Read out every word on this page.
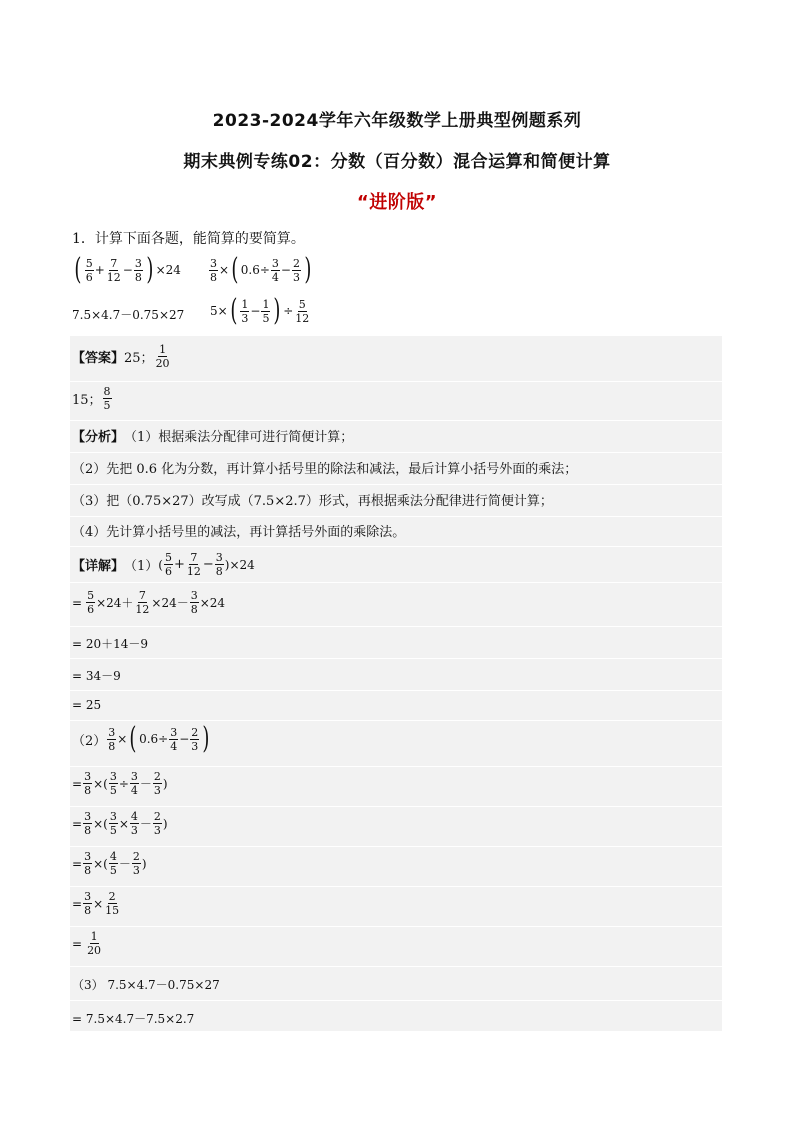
2023-2024学年六年级数学上册典型例题系列
期末典例专练02：分数（百分数）混合运算和简便计算
“进阶版”
1．计算下面各题，能简算的要简算。
( $\frac{5}{6} + \frac{7}{12} - \frac{3}{8}$ ) ×24	$\frac{3}{8}$ × ( $0.6\div \frac{3}{4} - \frac{2}{3}$ )
7.5×4.7－0.75×27 5× ( $\frac{1}{3} - \frac{1}{5}$ ) ÷ $\frac{5}{12}$
【答案】 25； $\frac{1}{20}$
15； $\frac{8}{5}$
【分析】 （1）根据乘法分配律可进行简便计算；
（2）先把 0.6 化为分数，再计算小括号里的除法和减法，最后计算小括号外面的乘法；
（3）把（0.75×27）改写成（7.5×2.7）形式，再根据乘法分配律进行简便计算；
（4）先计算小括号里的减法，再计算括号外面的乘除法。
【详解】 （1） ( $\frac{5}{6} + \frac{7}{12} - \frac{3}{8} )\times 24$
= $\frac{5}{6} \times 24+ \frac{7}{12} \times 24- \frac{3}{8} \times 24$
= 20＋14－9
= 34－9
= 25
$(2) \frac{3}{8}$ × ( $0.6\div \frac{3}{4} - \frac{2}{3}$ )
= $\frac{3}{8}$ ×( $\frac{3}{5} \div \frac{3}{4} - \frac{2}{3}$ )
= $\frac{3}{8}$ ×( $\frac{3}{5} \times \frac{4}{3} - \frac{2}{3}$ )
= $\frac{3}{8}$ ×( $\frac{4}{5} - \frac{2}{3}$ )
= $\frac{3}{8} \times \frac{2}{15}$
= $\frac{1}{20}$
（3） 7.5×4.7－0.75×27
= 7.5×4.7－7.5×2.7
